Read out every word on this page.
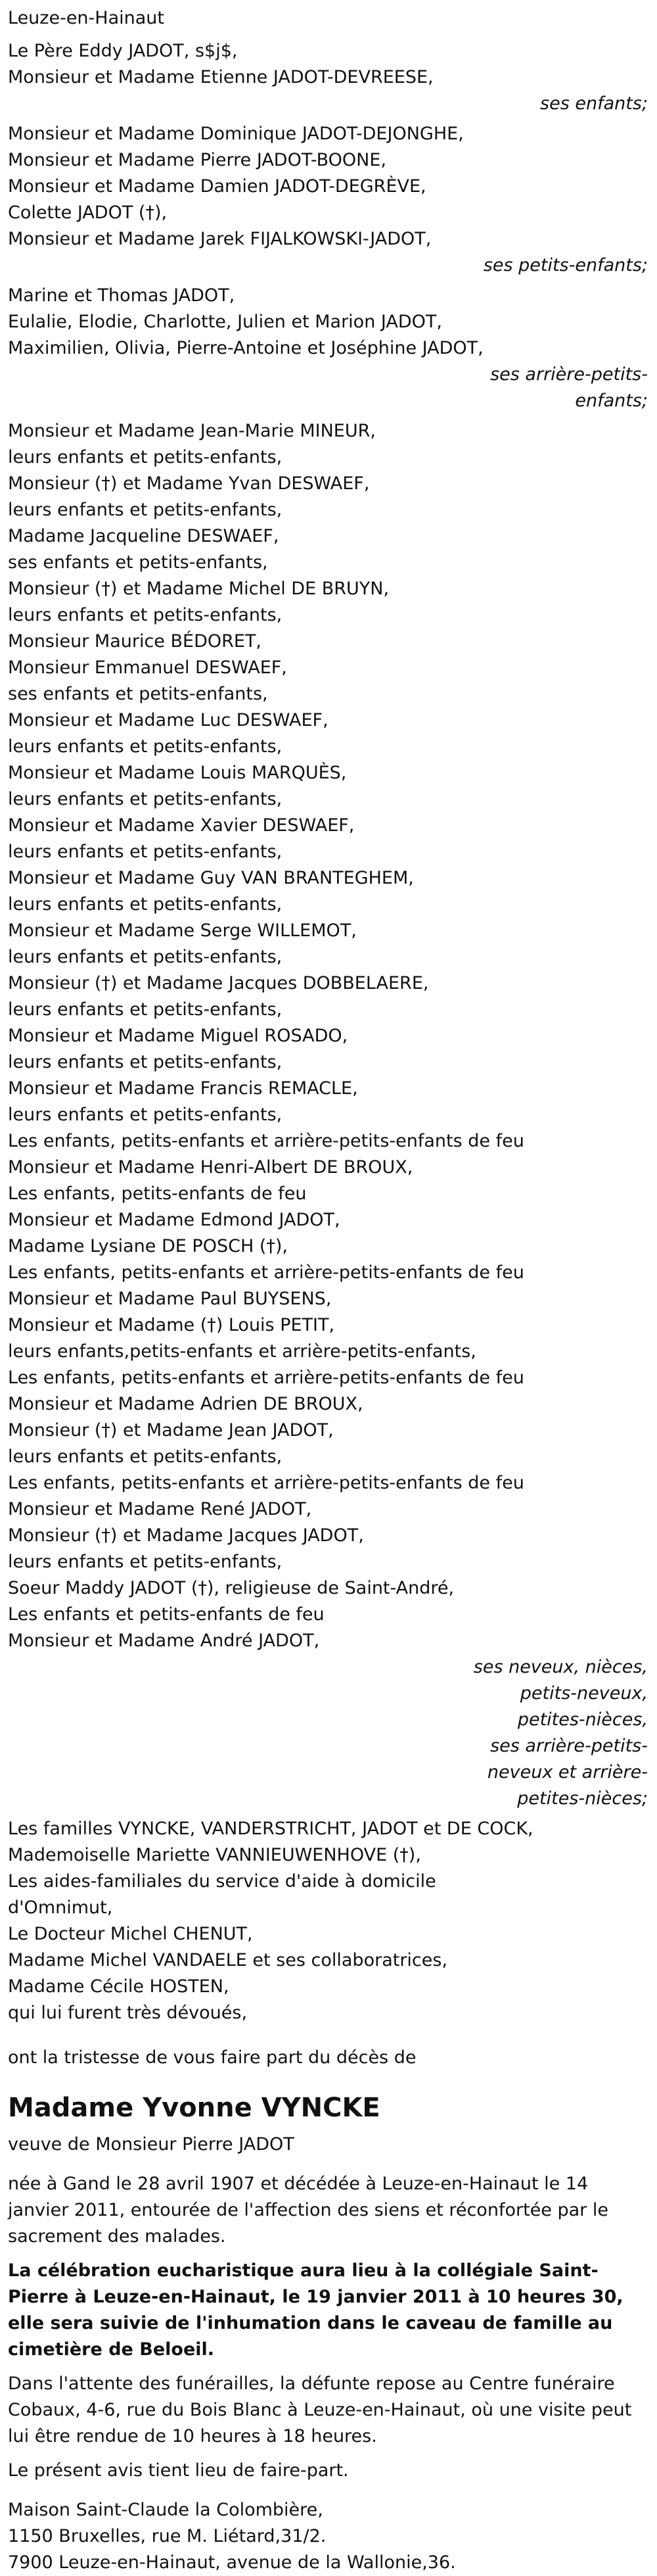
Leuze-en-Hainaut
Le Père Eddy JADOT, s$j$,
Monsieur et Madame Etienne JADOT-DEVREESE,
ses enfants;
Monsieur et Madame Dominique JADOT-DEJONGHE,
Monsieur et Madame Pierre JADOT-BOONE,
Monsieur et Madame Damien JADOT-DEGRÈVE,
Colette JADOT (†),
Monsieur et Madame Jarek FIJALKOWSKI-JADOT,
ses petits-enfants;
Marine et Thomas JADOT,
Eulalie, Elodie, Charlotte, Julien et Marion JADOT,
Maximilien, Olivia, Pierre-Antoine et Joséphine JADOT,
ses arrière-petits-
enfants;
Monsieur et Madame Jean-Marie MINEUR,
leurs enfants et petits-enfants,
Monsieur (†) et Madame Yvan DESWAEF,
leurs enfants et petits-enfants,
Madame Jacqueline DESWAEF,
ses enfants et petits-enfants,
Monsieur (†) et Madame Michel DE BRUYN,
leurs enfants et petits-enfants,
Monsieur Maurice BÉDORET,
Monsieur Emmanuel DESWAEF,
ses enfants et petits-enfants,
Monsieur et Madame Luc DESWAEF,
leurs enfants et petits-enfants,
Monsieur et Madame Louis MARQUÈS,
leurs enfants et petits-enfants,
Monsieur et Madame Xavier DESWAEF,
leurs enfants et petits-enfants,
Monsieur et Madame Guy VAN BRANTEGHEM,
leurs enfants et petits-enfants,
Monsieur et Madame Serge WILLEMOT,
leurs enfants et petits-enfants,
Monsieur (†) et Madame Jacques DOBBELAERE,
leurs enfants et petits-enfants,
Monsieur et Madame Miguel ROSADO,
leurs enfants et petits-enfants,
Monsieur et Madame Francis REMACLE,
leurs enfants et petits-enfants,
Les enfants, petits-enfants et arrière-petits-enfants de feu
Monsieur et Madame Henri-Albert DE BROUX,
Les enfants, petits-enfants de feu
Monsieur et Madame Edmond JADOT,
Madame Lysiane DE POSCH (†),
Les enfants, petits-enfants et arrière-petits-enfants de feu
Monsieur et Madame Paul BUYSENS,
Monsieur et Madame (†) Louis PETIT,
leurs enfants,petits-enfants et arrière-petits-enfants,
Les enfants, petits-enfants et arrière-petits-enfants de feu
Monsieur et Madame Adrien DE BROUX,
Monsieur (†) et Madame Jean JADOT,
leurs enfants et petits-enfants,
Les enfants, petits-enfants et arrière-petits-enfants de feu
Monsieur et Madame René JADOT,
Monsieur (†) et Madame Jacques JADOT,
leurs enfants et petits-enfants,
Soeur Maddy JADOT (†), religieuse de Saint-André,
Les enfants et petits-enfants de feu
Monsieur et Madame André JADOT,
ses neveux, nièces,
petits-neveux,
petites-nièces,
ses arrière-petits-
neveux et arrière-
petites-nièces;
Les familles VYNCKE, VANDERSTRICHT, JADOT et DE COCK,
Mademoiselle Mariette VANNIEUWENHOVE (†),
Les aides-familiales du service d'aide à domicile
d'Omnimut,
Le Docteur Michel CHENUT,
Madame Michel VANDAELE et ses collaboratrices,
Madame Cécile HOSTEN,
qui lui furent très dévoués,
ont la tristesse de vous faire part du décès de
Madame Yvonne VYNCKE
veuve de Monsieur Pierre JADOT
née à Gand le 28 avril 1907 et décédée à Leuze-en-Hainaut le 14 janvier 2011, entourée de l'affection des siens et réconfortée par le sacrement des malades.
La célébration eucharistique aura lieu à la collégiale Saint-Pierre à Leuze-en-Hainaut, le 19 janvier 2011 à 10 heures 30, elle sera suivie de l'inhumation dans le caveau de famille au cimetière de Beloeil.
Dans l'attente des funérailles, la défunte repose au Centre funéraire Cobaux, 4-6, rue du Bois Blanc à Leuze-en-Hainaut, où une visite peut lui être rendue de 10 heures à 18 heures.
Le présent avis tient lieu de faire-part.
Maison Saint-Claude la Colombière,
1150 Bruxelles, rue M. Liétard,31/2.
7900 Leuze-en-Hainaut, avenue de la Wallonie,36.
